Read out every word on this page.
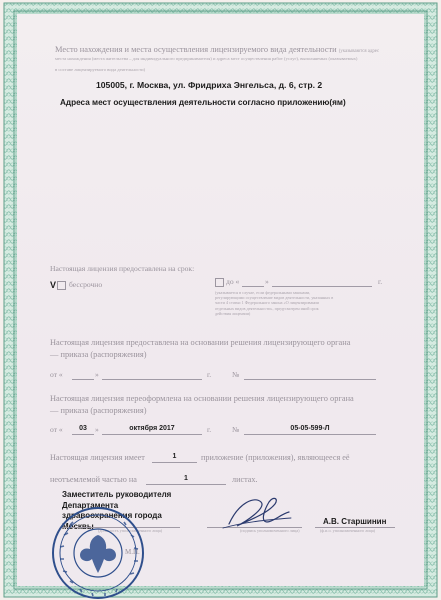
Место нахождения и места осуществления лицензируемого вида деятельности (указываются адрес
места нахождения (места жительства – для индивидуального предпринимателя) и адреса мест осуществления работ (услуг), выполняемых (оказываемых)
в составе лицензируемого вида деятельности)
105005, г. Москва, ул. Фридриха Энгельса, д. 6, стр. 2
Адреса мест осуществления деятельности согласно приложению(ям)
Настоящая лицензия предоставлена на срок:
V бессрочно	до «	»	г.
(указывается в случае, если федеральными законами, регулирующими осуществление видов деятельности, указанных в части 4 статьи 1 Федерального закона «О лицензировании отдельных видов деятельности», предусмотрен иной срок действия лицензии)
Настоящая лицензия предоставлена на основании решения лицензирующего органа
— приказа (распоряжения)
от «	»	г.	№
Настоящая лицензия переоформлена на основании решения лицензирующего органа
— приказа (распоряжения)
от «	03	»	октября 2017	г.	№	05-05-599-Л
Настоящая лицензия имеет	1	приложение (приложения), являющееся её
неотъемлемой частью на	1	листах.
Заместитель руководителя
Департамента
здравоохранения города
Москвы	(должность уполномоченного лица)	(подпись уполномоченного лица)
А.В. Старшинин
(ф.и.о. уполномоченного лица)
М.П.
